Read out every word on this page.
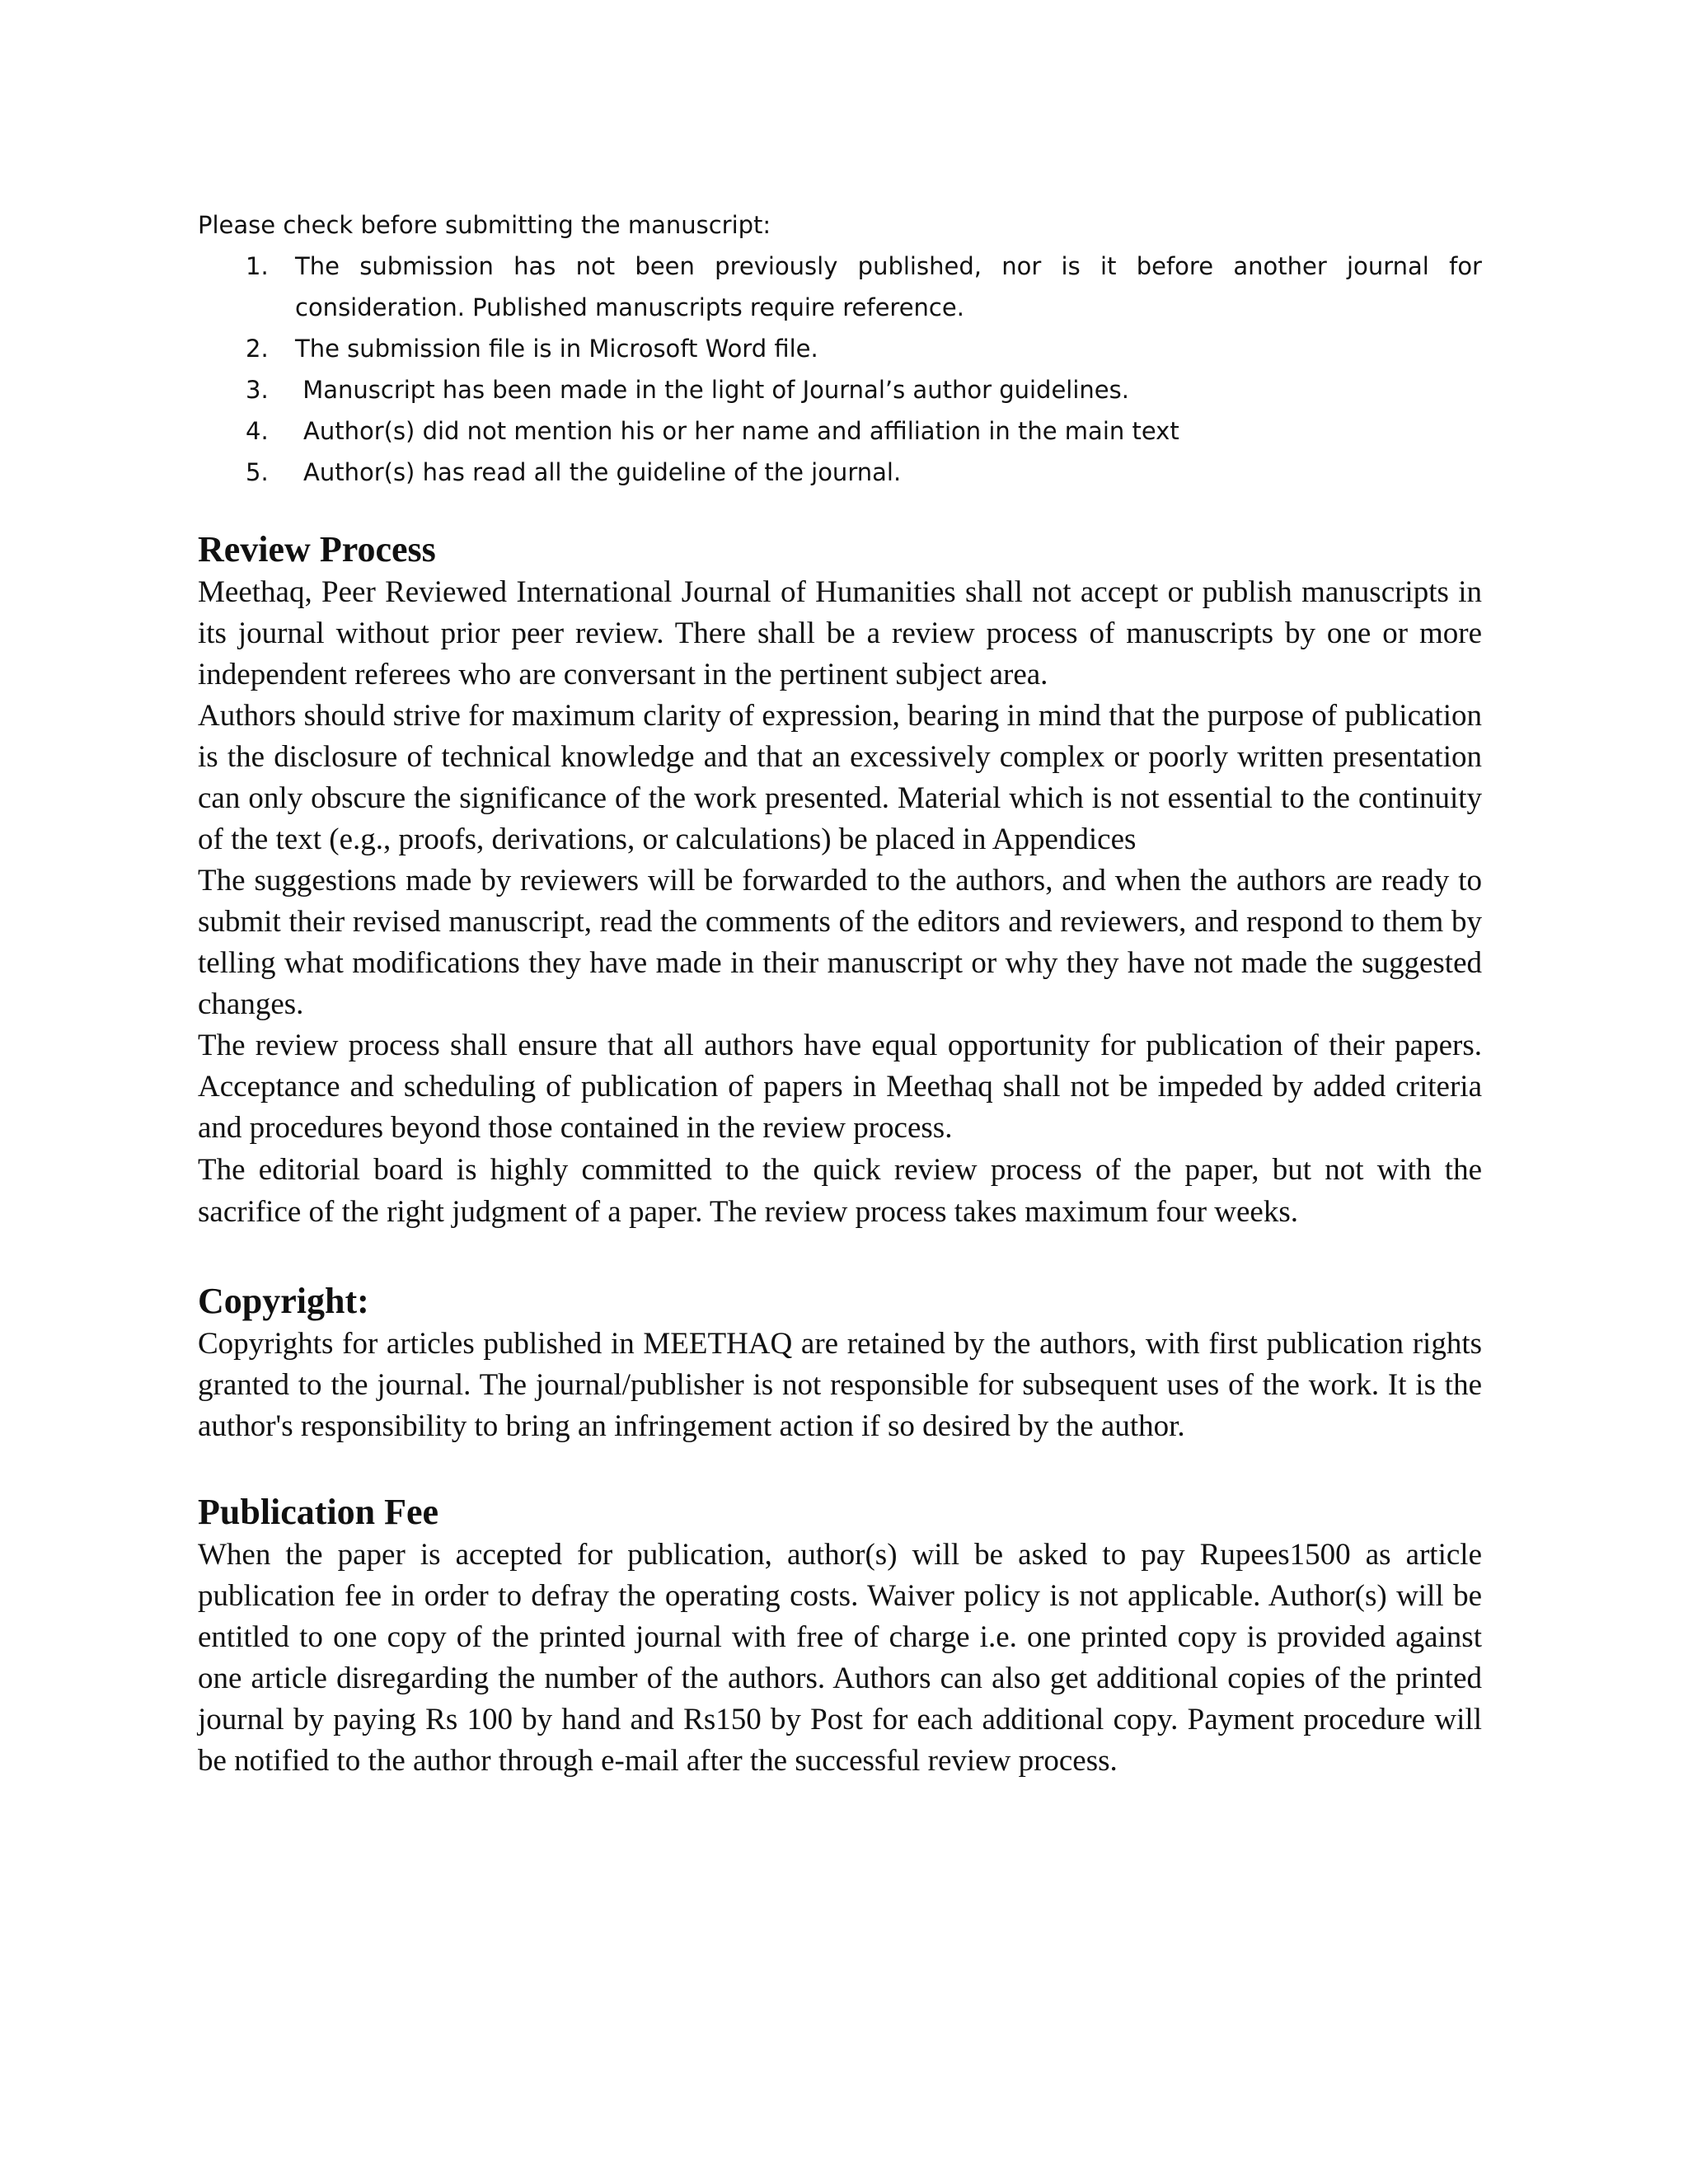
Please check before submitting the manuscript:

1. The submission has not been previously published, nor is it before another journal for consideration. Published manuscripts require reference.
2. The submission file is in Microsoft Word file.
3. Manuscript has been made in the light of Journal’s author guidelines.
4. Author(s) did not mention his or her name and affiliation in the main text
5. Author(s) has read all the guideline of the journal.
Review Process

Meethaq, Peer Reviewed International Journal of Humanities shall not accept or publish manuscripts in its journal without prior peer review. There shall be a review process of manuscripts by one or more independent referees who are conversant in the pertinent subject area.

Authors should strive for maximum clarity of expression, bearing in mind that the purpose of publication is the disclosure of technical knowledge and that an excessively complex or poorly written presentation can only obscure the significance of the work presented. Material which is not essential to the continuity of the text (e.g., proofs, derivations, or calculations) be placed in Appendices

The suggestions made by reviewers will be forwarded to the authors, and when the authors are ready to submit their revised manuscript, read the comments of the editors and reviewers, and respond to them by telling what modifications they have made in their manuscript or why they have not made the suggested changes.

The review process shall ensure that all authors have equal opportunity for publication of their papers. Acceptance and scheduling of publication of papers in Meethaq shall not be impeded by added criteria and procedures beyond those contained in the review process.

The editorial board is highly committed to the quick review process of the paper, but not with the sacrifice of the right judgment of a paper. The review process takes maximum four weeks.

Copyright:

Copyrights for articles published in MEETHAQ are retained by the authors, with first publication rights granted to the journal. The journal/publisher is not responsible for subsequent uses of the work. It is the author's responsibility to bring an infringement action if so desired by the author.

Publication Fee

When the paper is accepted for publication, author(s) will be asked to pay Rupees1500 as article publication fee in order to defray the operating costs. Waiver policy is not applicable. Author(s) will be entitled to one copy of the printed journal with free of charge i.e. one printed copy is provided against one article disregarding the number of the authors. Authors can also get additional copies of the printed journal by paying Rs 100 by hand and Rs150 by Post for each additional copy. Payment procedure will be notified to the author through e-mail after the successful review process.
